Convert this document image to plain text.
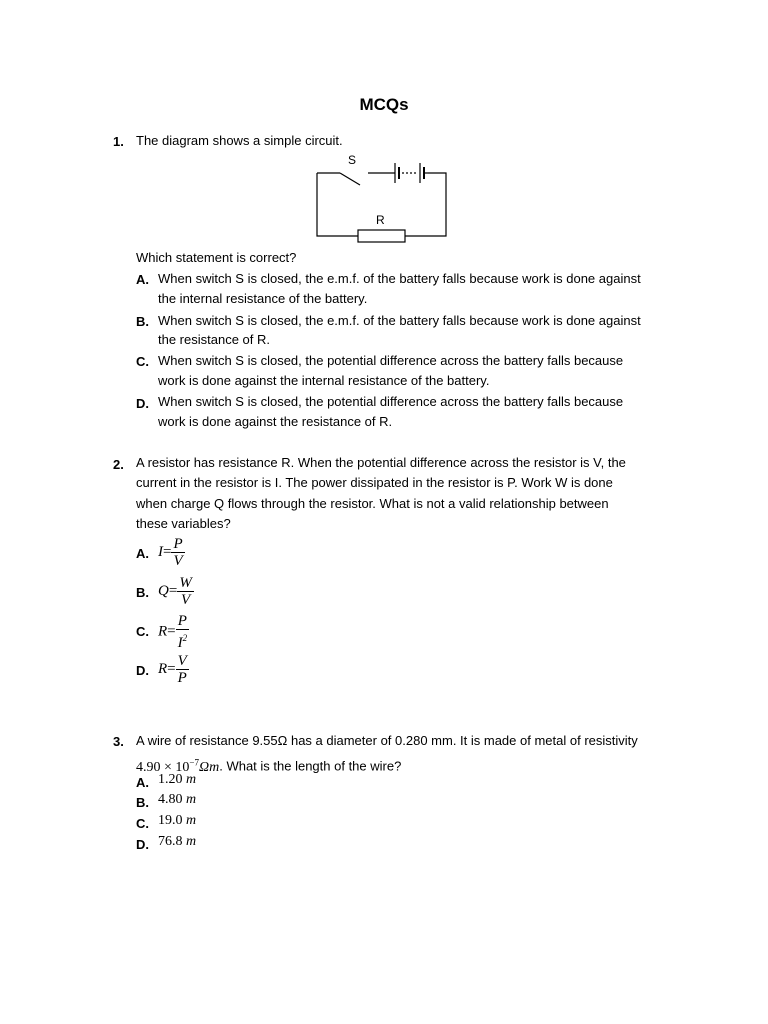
MCQs
1. The diagram shows a simple circuit.
S
R
Which statement is correct?
A. When switch S is closed, the e.m.f. of the battery falls because work is done against
the internal resistance of the battery.
B. When switch S is closed, the e.m.f. of the battery falls because work is done against
the resistance of R.
C. When switch S is closed, the potential difference across the battery falls because
work is done against the internal resistance of the battery.
D. When switch S is closed, the potential difference across the battery falls because
work is done against the resistance of R.
2. A resistor has resistance R. When the potential difference across the resistor is V, the
current in the resistor is I. The power dissipated in the resistor is P. Work W is done
when charge Q flows through the resistor. What is not a valid relationship between
these variables?
A. $I= \frac{P}{V}$
B. $Q= \frac{W}{V}$
C. $R= \frac{P}{I^2}$
D. $R= \frac{V}{P}$
3. A wire of resistance 9.55Ω has a diameter of 0.280 mm. It is made of metal of resistivity
$4.90 \times 10^{-7}\Omega m$. What is the length of the wire?
A. 1.20 m
B. 4.80 m
C. 19.0 m
D. 76.8 m
